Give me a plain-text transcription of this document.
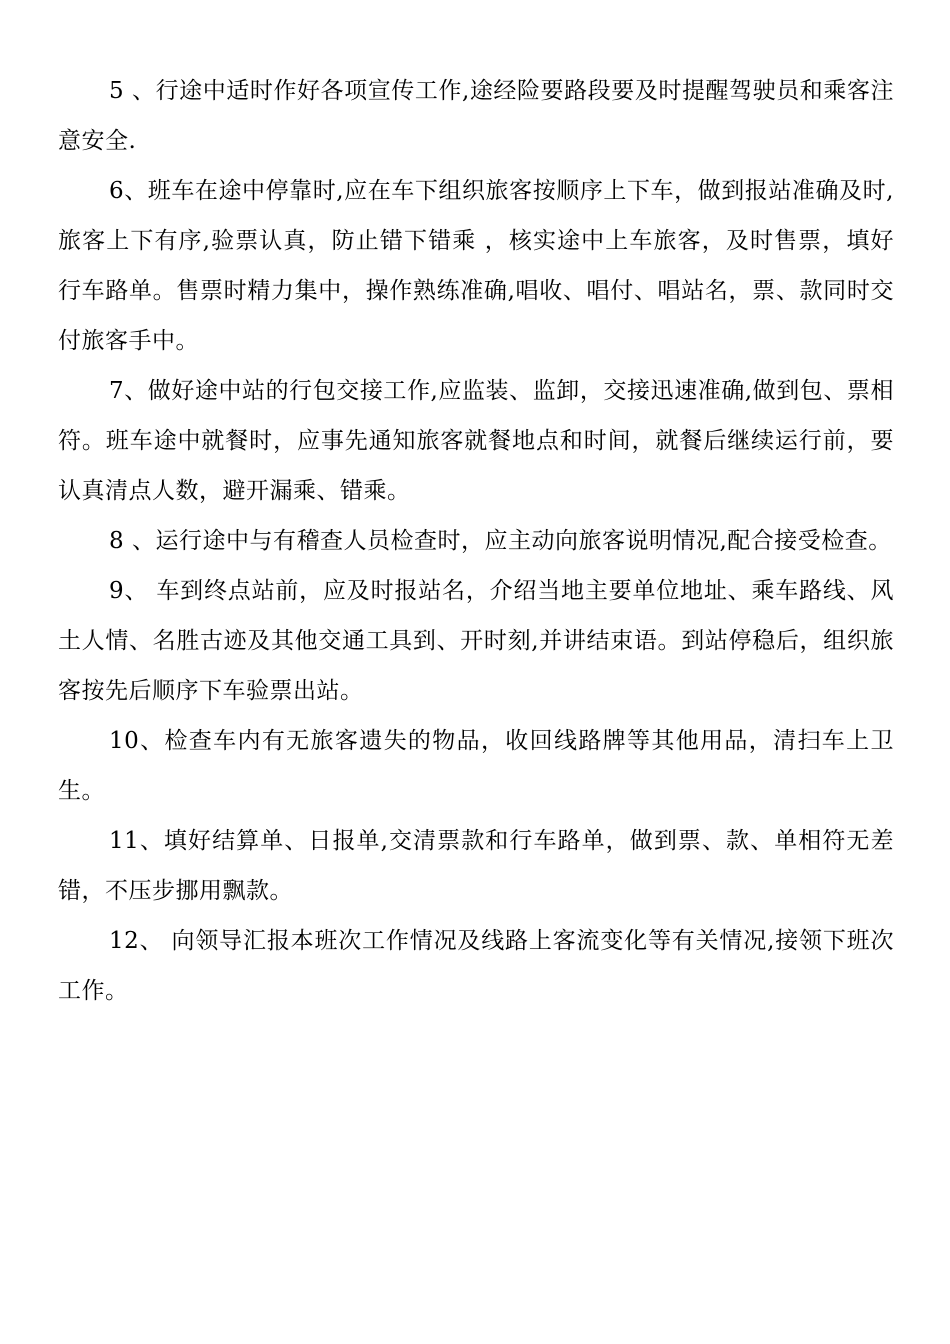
5 、行途中适时作好各项宣传工作,途经险要路段要及时提醒驾驶员和乘客注意安全.

6、班车在途中停靠时,应在车下组织旅客按顺序上下车，做到报站准确及时,旅客上下有序,验票认真，防止错下错乘 ，核实途中上车旅客，及时售票，填好行车路单。售票时精力集中，操作熟练准确,唱收、唱付、唱站名，票、款同时交付旅客手中。

7、做好途中站的行包交接工作,应监装、监卸，交接迅速准确,做到包、票相符。班车途中就餐时，应事先通知旅客就餐地点和时间，就餐后继续运行前，要认真清点人数，避开漏乘、错乘。

8 、运行途中与有稽查人员检查时，应主动向旅客说明情况,配合接受检查。

9、 车到终点站前，应及时报站名，介绍当地主要单位地址、乘车路线、风土人情、名胜古迹及其他交通工具到、开时刻,并讲结束语。到站停稳后，组织旅客按先后顺序下车验票出站。

10、检查车内有无旅客遗失的物品，收回线路牌等其他用品，清扫车上卫生。

11、填好结算单、日报单,交清票款和行车路单，做到票、款、单相符无差错，不压步挪用飘款。

12、 向领导汇报本班次工作情况及线路上客流变化等有关情况,接领下班次工作。
